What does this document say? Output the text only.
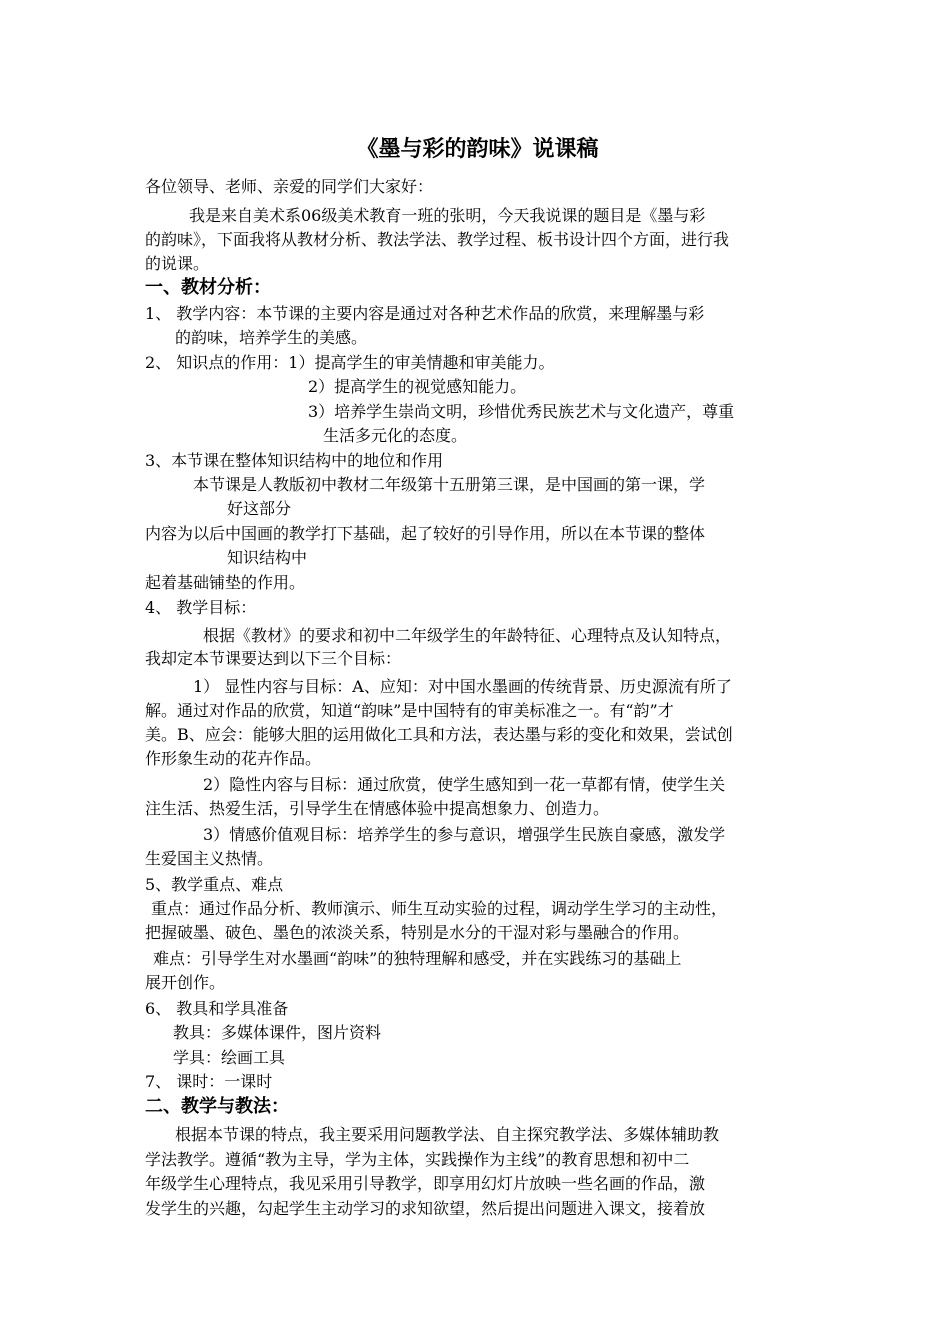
《墨与彩的韵味》说课稿
各位领导、老师、亲爱的同学们大家好：
我是来自美术系06级美术教育一班的张明，今天我说课的题目是《墨与彩
的韵味》，下面我将从教材分析、教法学法、教学过程、板书设计四个方面，进行我
的说课。
一、教材分析：
1、 教学内容：本节课的主要内容是通过对各种艺术作品的欣赏，来理解墨与彩
的韵味，培养学生的美感。
2、 知识点的作用：1）提高学生的审美情趣和审美能力。
2）提高学生的视觉感知能力。
3）培养学生崇尚文明，珍惜优秀民族艺术与文化遗产，尊重
生活多元化的态度。
3、本节课在整体知识结构中的地位和作用
本节课是人教版初中教材二年级第十五册第三课，是中国画的第一课，学
好这部分
内容为以后中国画的教学打下基础，起了较好的引导作用，所以在本节课的整体
知识结构中
起着基础铺垫的作用。
4、 教学目标：
根据《教材》的要求和初中二年级学生的年龄特征、心理特点及认知特点，
我却定本节课要达到以下三个目标：
1） 显性内容与目标：A、应知：对中国水墨画的传统背景、历史源流有所了
解。通过对作品的欣赏，知道“韵味”是中国特有的审美标准之一。有“韵”才
美。B、应会：能够大胆的运用做化工具和方法，表达墨与彩的变化和效果，尝试创
作形象生动的花卉作品。
2）隐性内容与目标：通过欣赏，使学生感知到一花一草都有情，使学生关
注生活、热爱生活，引导学生在情感体验中提高想象力、创造力。
3）情感价值观目标：培养学生的参与意识，增强学生民族自豪感，激发学
生爱国主义热情。
5、教学重点、难点
重点：通过作品分析、教师演示、师生互动实验的过程，调动学生学习的主动性，
把握破墨、破色、墨色的浓淡关系，特别是水分的干湿对彩与墨融合的作用。
难点：引导学生对水墨画“韵味”的独特理解和感受，并在实践练习的基础上
展开创作。
6、 教具和学具准备
教具：多媒体课件，图片资料
学具：绘画工具
7、 课时：一课时
二、教学与教法：
根据本节课的特点，我主要采用问题教学法、自主探究教学法、多媒体辅助教
学法教学。遵循“教为主导，学为主体，实践操作为主线”的教育思想和初中二
年级学生心理特点，我见采用引导教学，即享用幻灯片放映一些名画的作品，激
发学生的兴趣，勾起学生主动学习的求知欲望，然后提出问题进入课文，接着放
